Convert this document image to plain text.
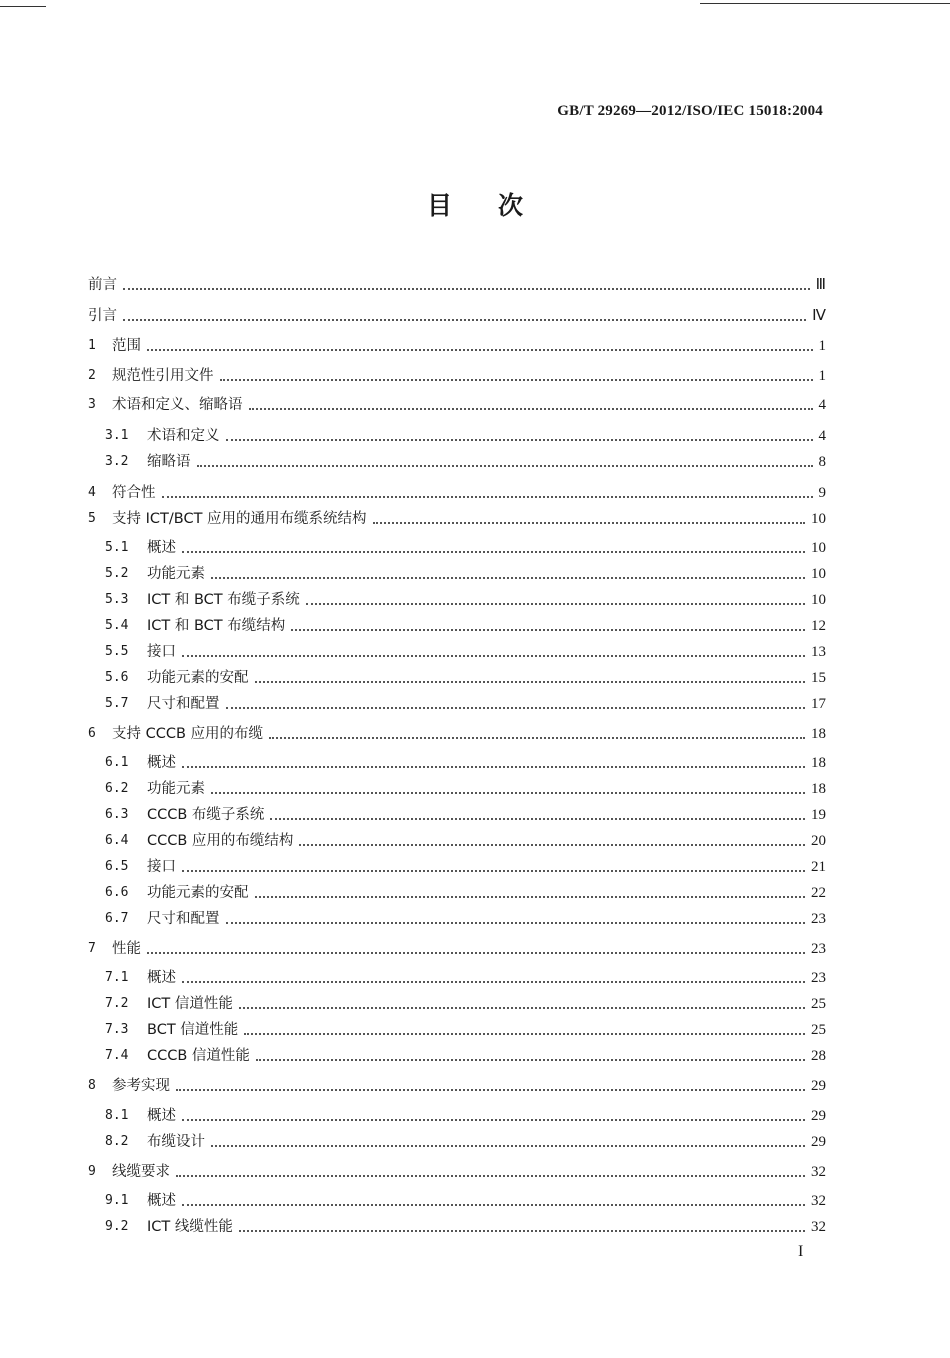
GB/T 29269—2012/ISO/IEC 15018:2004
目 次
前言	Ⅲ
引言	Ⅳ
1	范围	1
2	规范性引用文件	1
3	术语和定义、缩略语	4
3.1	术语和定义	4
3.2	缩略语	8
4	符合性	9
5	支持 ICT/BCT 应用的通用布缆系统结构	10
5.1	概述	10
5.2	功能元素	10
5.3	ICT 和 BCT 布缆子系统	10
5.4	ICT 和 BCT 布缆结构	12
5.5	接口	13
5.6	功能元素的安配	15
5.7	尺寸和配置	17
6	支持 CCCB 应用的布缆	18
6.1	概述	18
6.2	功能元素	18
6.3	CCCB 布缆子系统	19
6.4	CCCB 应用的布缆结构	20
6.5	接口	21
6.6	功能元素的安配	22
6.7	尺寸和配置	23
7	性能	23
7.1	概述	23
7.2	ICT 信道性能	25
7.3	BCT 信道性能	25
7.4	CCCB 信道性能	28
8	参考实现	29
8.1	概述	29
8.2	布缆设计	29
9	线缆要求	32
9.1	概述	32
9.2	ICT 线缆性能	32
I
